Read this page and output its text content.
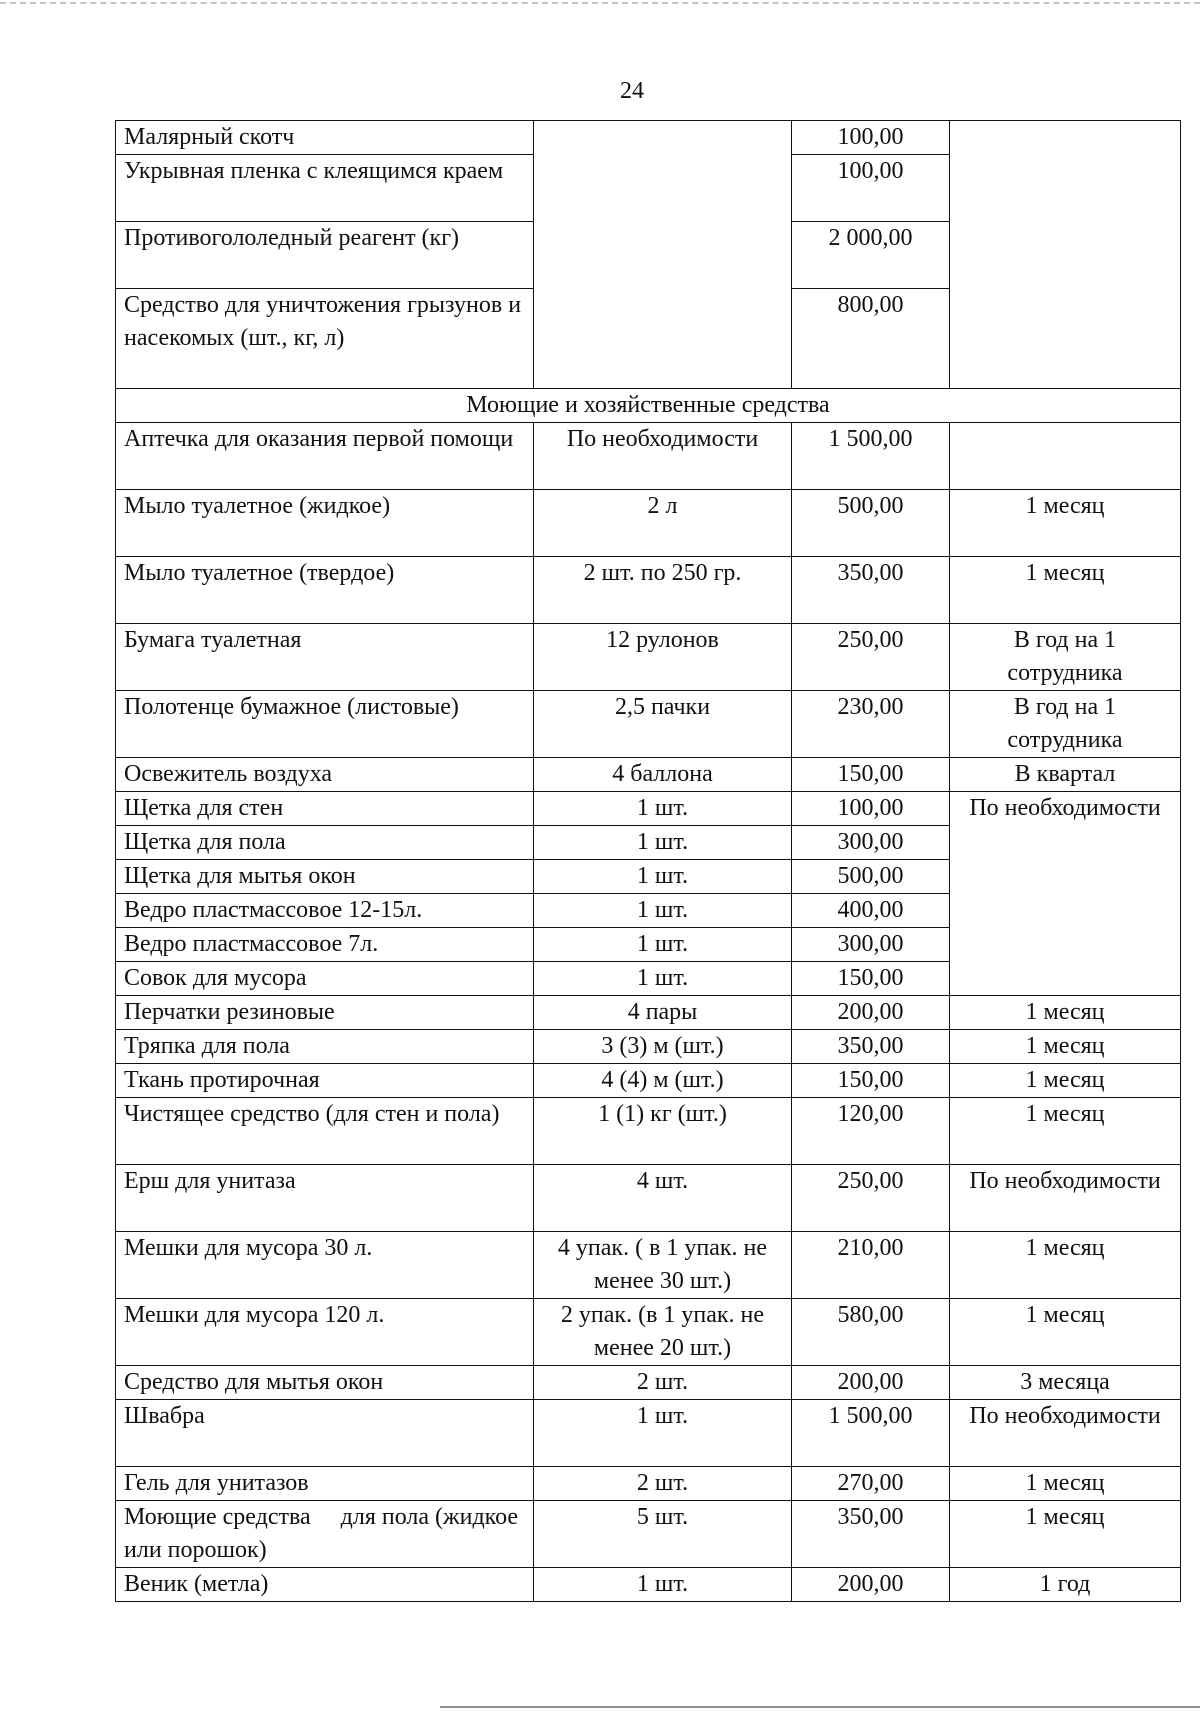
24
Малярный скотч		100,00	
Укрывная пленка с клеящимся краем		100,00	
Противогололедный реагент (кг)		2 000,00	
Средство для уничтожения грызунов и насекомых (шт., кг, л)		800,00	
Моющие и хозяйственные средства			
Аптечка для оказания первой помощи	По необходимости	1 500,00	
Мыло туалетное (жидкое)	2 л	500,00	1 месяц
Мыло туалетное (твердое)	2 шт. по 250 гр.	350,00	1 месяц
Бумага туалетная	12 рулонов	250,00	В год на 1 сотрудника
Полотенце бумажное (листовые)	2,5 пачки	230,00	В год на 1 сотрудника
Освежитель воздуха	4 баллона	150,00	В квартал
Щетка для стен	1 шт.	100,00	По необходимости
Щетка для пола	1 шт.	300,00	
Щетка для мытья окон	1 шт.	500,00	
Ведро пластмассовое 12-15л.	1 шт.	400,00	
Ведро пластмассовое 7л.	1 шт.	300,00	
Совок для мусора	1 шт.	150,00	
Перчатки резиновые	4 пары	200,00	1 месяц
Тряпка для пола	3 (3) м (шт.)	350,00	1 месяц
Ткань протирочная	4 (4) м (шт.)	150,00	1 месяц
Чистящее средство (для стен и пола)	1 (1) кг (шт.)	120,00	1 месяц
Ерш для унитаза	4 шт.	250,00	По необходимости
Мешки для мусора 30 л.	4 упак. ( в 1 упак. не менее 30 шт.)	210,00	1 месяц
Мешки для мусора 120 л.	2 упак. (в 1 упак. не менее 20 шт.)	580,00	1 месяц
Средство для мытья окон	2 шт.	200,00	3 месяца
Швабра	1 шт.	1 500,00	По необходимости
Гель для унитазов	2 шт.	270,00	1 месяц
Моющие средства     для пола (жидкое или порошок)	5 шт.	350,00	1 месяц
Веник (метла)	1 шт.	200,00	1 год
